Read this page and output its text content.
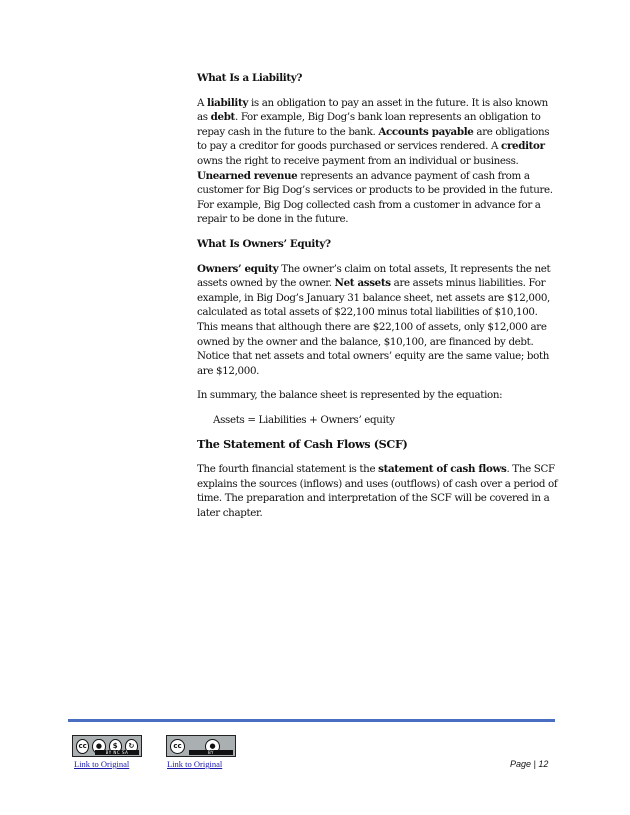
What Is a Liability?

A liability is an obligation to pay an asset in the future. It is also known as debt. For example, Big Dog’s bank loan represents an obligation to repay cash in the future to the bank. Accounts payable are obligations to pay a creditor for goods purchased or services rendered. A creditor owns the right to receive payment from an individual or business. Unearned revenue represents an advance payment of cash from a customer for Big Dog’s services or products to be provided in the future. For example, Big Dog collected cash from a customer in advance for a repair to be done in the future.

What Is Owners’ Equity?

Owners’ equity The owner’s claim on total assets, It represents the net assets owned by the owner. Net assets are assets minus liabilities. For example, in Big Dog’s January 31 balance sheet, net assets are $12,000, calculated as total assets of $22,100 minus total liabilities of $10,100. This means that although there are $22,100 of assets, only $12,000 are owned by the owner and the balance, $10,100, are financed by debt. Notice that net assets and total owners’ equity are the same value; both are $12,000.

In summary, the balance sheet is represented by the equation:

Assets = Liabilities + Owners’ equity

The Statement of Cash Flows (SCF)

The fourth financial statement is the statement of cash flows. The SCF explains the sources (inflows) and uses (outflows) of cash over a period of time. The preparation and interpretation of the SCF will be covered in a later chapter.

cc	●	$	↻
BY NC SA
cc	●
BY
Link to Original	Link to Original	Page | 12
